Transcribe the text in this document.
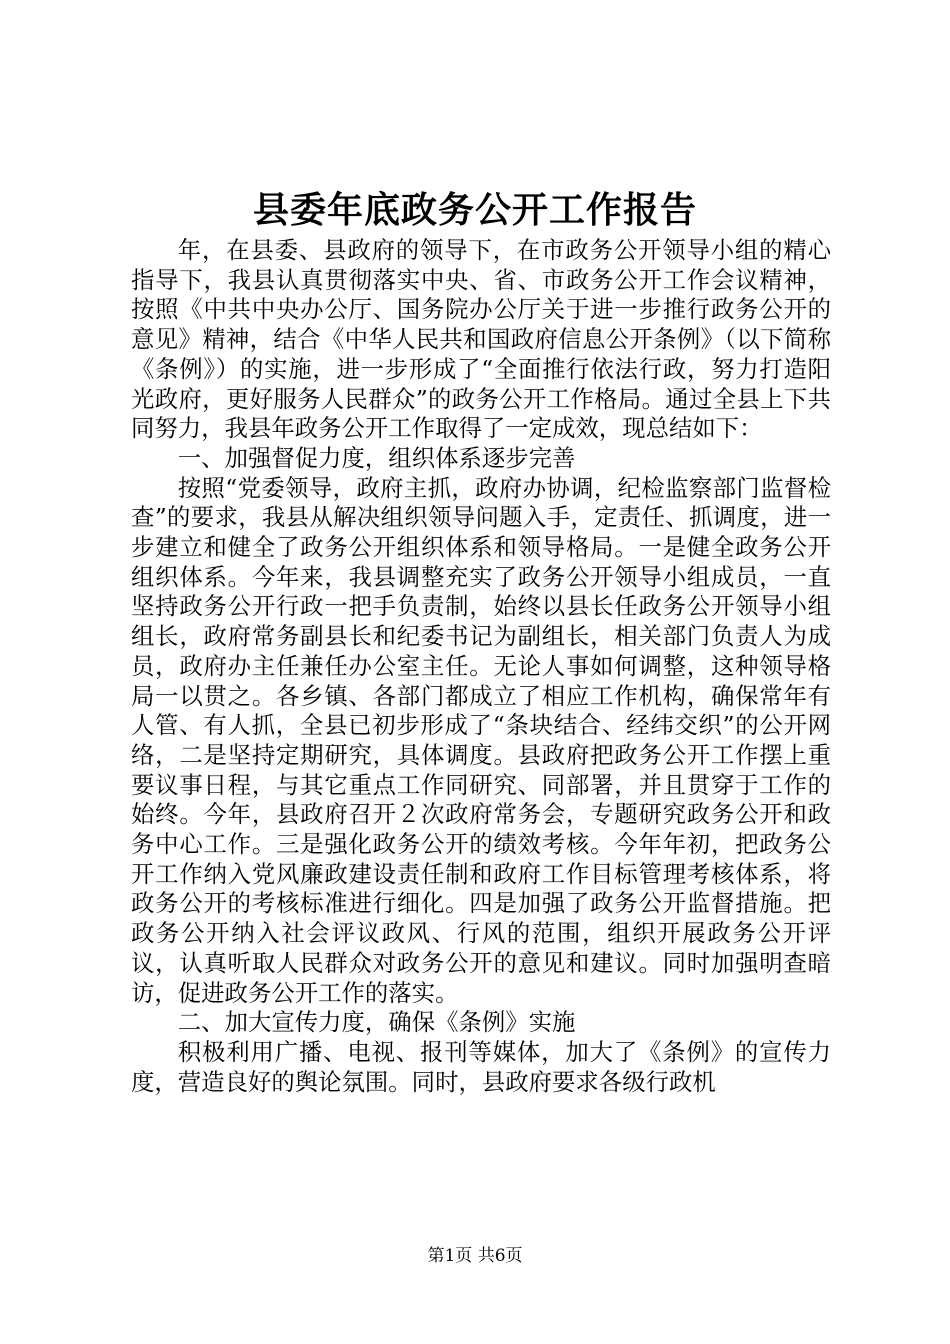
县委年底政务公开工作报告

年，在县委、县政府的领导下，在市政务公开领导小组的精心指导下，我县认真贯彻落实中央、省、市政务公开工作会议精神，按照《中共中央办公厅、国务院办公厅关于进一步推行政务公开的意见》精神，结合《中华人民共和国政府信息公开条例》（以下简称《条例》）的实施，进一步形成了“全面推行依法行政，努力打造阳光政府，更好服务人民群众”的政务公开工作格局。通过全县上下共同努力，我县年政务公开工作取得了一定成效，现总结如下：

一、加强督促力度，组织体系逐步完善

按照“党委领导，政府主抓，政府办协调，纪检监察部门监督检查”的要求，我县从解决组织领导问题入手，定责任、抓调度，进一步建立和健全了政务公开组织体系和领导格局。一是健全政务公开组织体系。今年来，我县调整充实了政务公开领导小组成员，一直坚持政务公开行政一把手负责制，始终以县长任政务公开领导小组组长，政府常务副县长和纪委书记为副组长，相关部门负责人为成员，政府办主任兼任办公室主任。无论人事如何调整，这种领导格局一以贯之。各乡镇、各部门都成立了相应工作机构，确保常年有人管、有人抓，全县已初步形成了“条块结合、经纬交织”的公开网络，二是坚持定期研究，具体调度。县政府把政务公开工作摆上重要议事日程，与其它重点工作同研究、同部署，并且贯穿于工作的始终。今年，县政府召开２次政府常务会，专题研究政务公开和政务中心工作。三是强化政务公开的绩效考核。今年年初，把政务公开工作纳入党风廉政建设责任制和政府工作目标管理考核体系，将政务公开的考核标准进行细化。四是加强了政务公开监督措施。把政务公开纳入社会评议政风、行风的范围，组织开展政务公开评议，认真听取人民群众对政务公开的意见和建议。同时加强明查暗访，促进政务公开工作的落实。

二、加大宣传力度，确保《条例》实施

积极利用广播、电视、报刊等媒体，加大了《条例》的宣传力度，营造良好的舆论氛围。同时，县政府要求各级行政机

第1页 共6页
